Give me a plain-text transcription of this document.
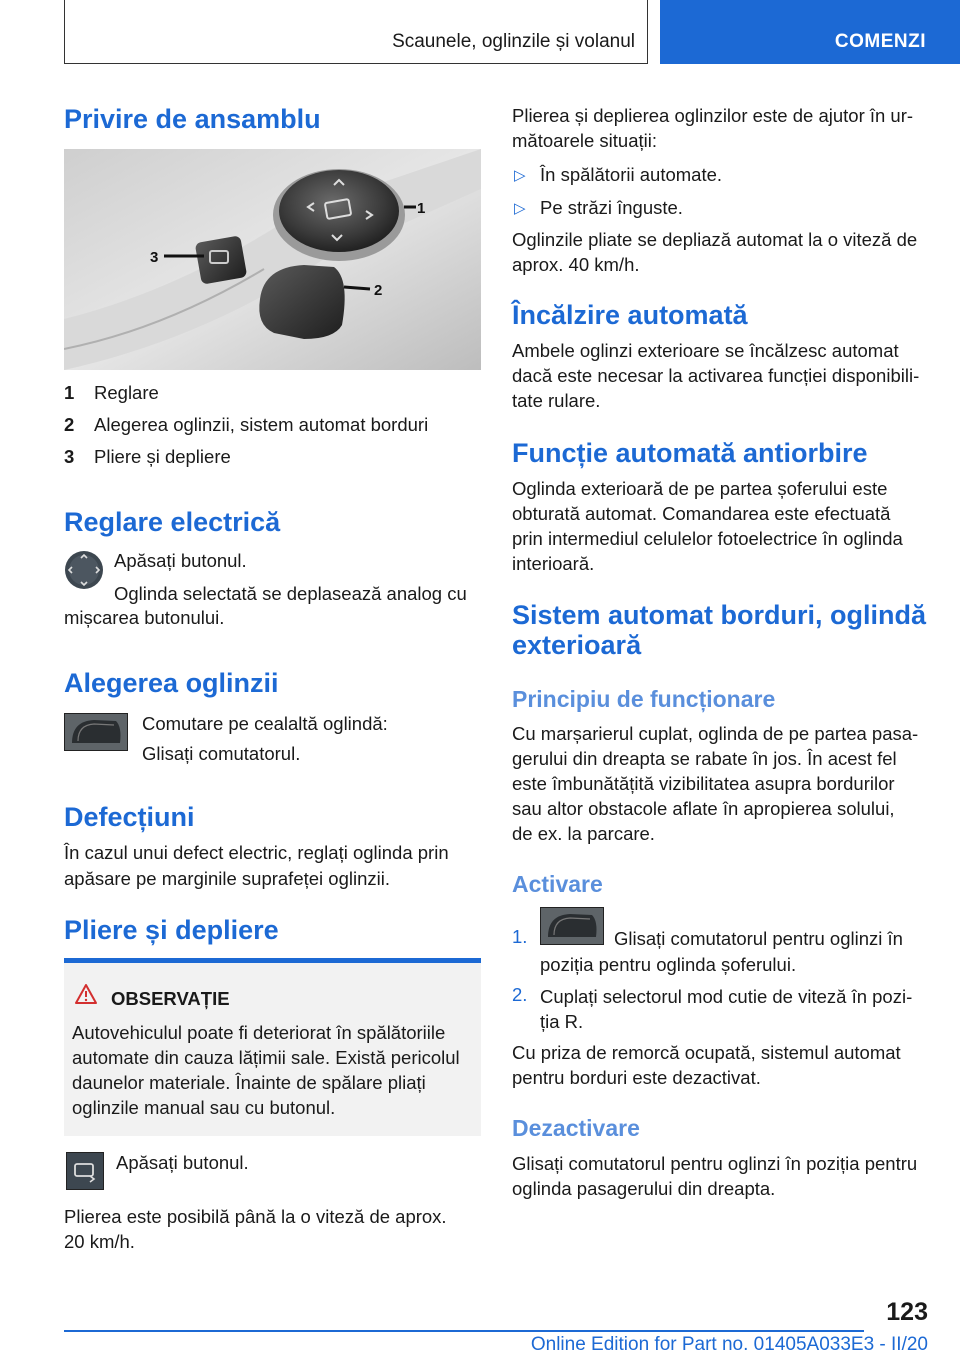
Scaunele, oglinzile și volanul	COMENZI
Privire de ansamblu
1
2
3
1 Reglare
2 Alegerea oglinzii, sistem automat borduri
3 Pliere și depliere
Reglare electrică

Apăsați butonul.

Oglinda selectată se deplasează analog cu

mișcarea butonului.

Alegerea oglinzii

Comutare pe cealaltă oglindă:

Glisați comutatorul.

Defecțiuni

În cazul unui defect electric, reglați oglinda prin

apăsare pe marginile suprafeței oglinzii.

Pliere și depliere
OBSERVAȚIE

Autovehiculul poate fi deteriorat în spălătoriile

automate din cauza lățimii sale. Există pericolul

daunelor materiale. Înainte de spălare pliați

oglinzile manual sau cu butonul.

Apăsați butonul.

Plierea este posibilă până la o viteză de aprox.

20 km/h.

Plierea și deplierea oglinzilor este de ajutor în ur-

mătoarele situații:

▷ În spălătorii automate.

▷ Pe străzi înguste.

Oglinzile pliate se depliază automat la o viteză de

aprox. 40 km/h.

Încălzire automată

Ambele oglinzi exterioare se încălzesc automat

dacă este necesar la activarea funcției disponibili-

tate rulare.

Funcție automată antiorbire

Oglinda exterioară de pe partea șoferului este

obturată automat. Comandarea este efectuată

prin intermediul celulelor fotoelectrice în oglinda

interioară.

Sistem automat borduri, oglindă
exterioară
Principiu de funcționare

Cu marșarierul cuplat, oglinda de pe partea pasa-

gerului din dreapta se rabate în jos. În acest fel

este îmbunătățită vizibilitatea asupra bordurilor

sau altor obstacole aflate în apropierea solului,

de ex. la parcare.

Activare
1.	Glisați comutatorul pentru oglinzi în

poziția pentru oglinda șoferului.

2. Cuplați selectorul mod cutie de viteză în pozi-

ția R.

Cu priza de remorcă ocupată, sistemul automat

pentru borduri este dezactivat.

Dezactivare

Glisați comutatorul pentru oglinzi în poziția pentru

oglinda pasagerului din dreapta.

123
Online Edition for Part no. 01405A033E3 - II/20
